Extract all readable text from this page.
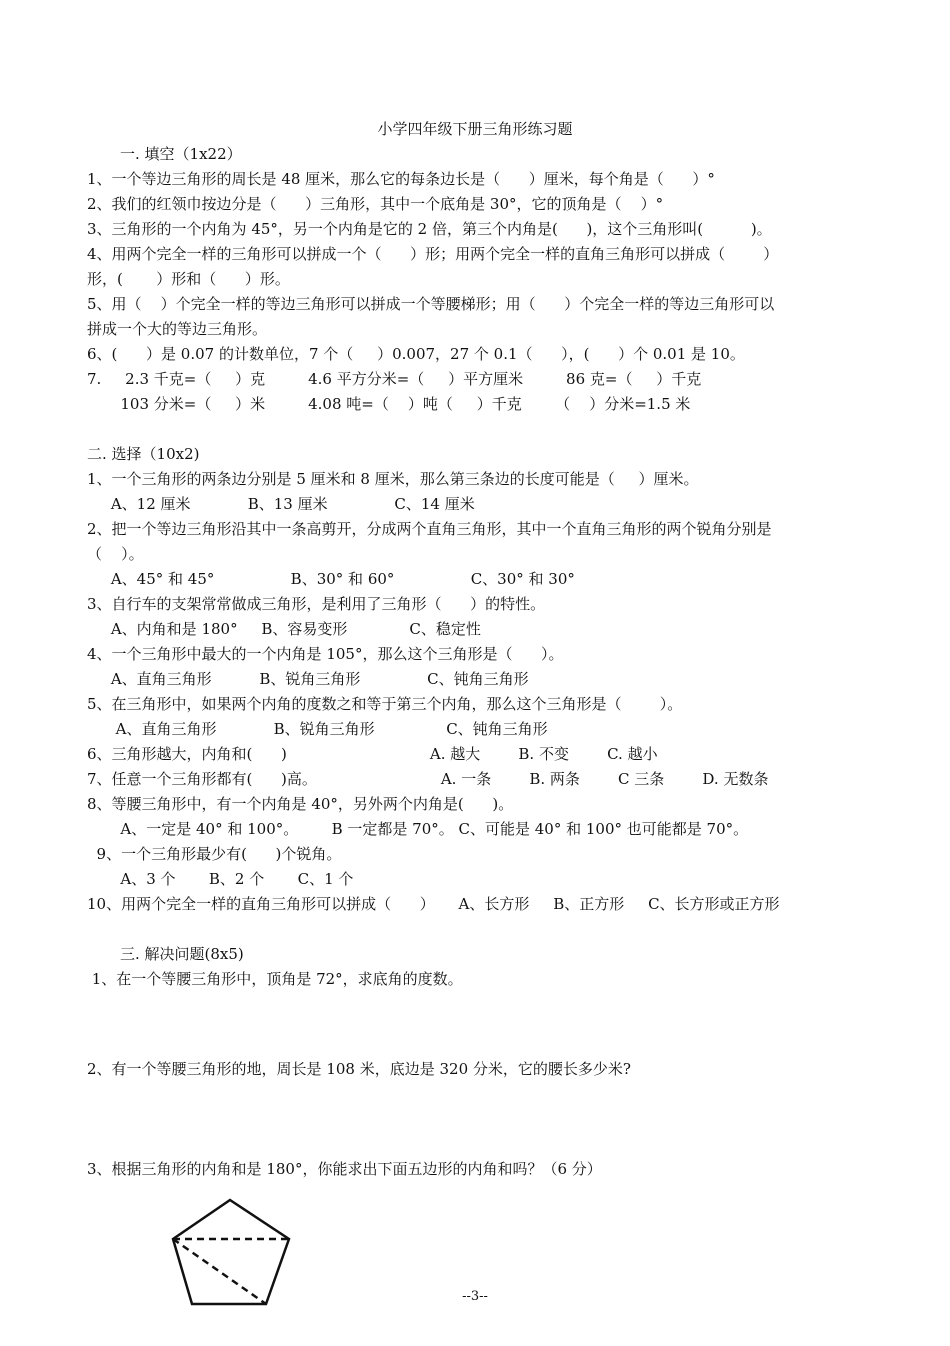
小学四年级下册三角形练习题
一. 填空（1x22）
1、一个等边三角形的周长是 48 厘米，那么它的每条边长是（      ）厘米，每个角是（      ）°
2、我们的红领巾按边分是（      ）三角形，其中一个底角是 30°，它的顶角是（    ）°
3、三角形的一个内角为 45°，另一个内角是它的 2 倍，第三个内角是(      )，这个三角形叫(          )。
4、用两个完全一样的三角形可以拼成一个（      ）形；用两个完全一样的直角三角形可以拼成（        ）
形，(       ）形和（      ）形。
5、用（    ）个完全一样的等边三角形可以拼成一个等腰梯形；用（      ）个完全一样的等边三角形可以
拼成一个大的等边三角形。
6、(      ）是 0.07 的计数单位，7 个（     ）0.007，27 个 0.1（      ），(      ）个 0.01 是 10。
7.     2.3 千克=（     ）克         4.6 平方分米=（     ）平方厘米         86 克=（     ）千克
103 分米=（     ）米         4.08 吨=（    ）吨（     ）千克       （    ）分米=1.5 米
二. 选择（10x2)
1、一个三角形的两条边分别是 5 厘米和 8 厘米，那么第三条边的长度可能是（     ）厘米。
A、12 厘米            B、13 厘米              C、14 厘米
2、把一个等边三角形沿其中一条高剪开，分成两个直角三角形，其中一个直角三角形的两个锐角分别是
（    ）。
A、45° 和 45°                B、30° 和 60°                C、30° 和 30°
3、自行车的支架常常做成三角形，是利用了三角形（      ）的特性。
A、内角和是 180°     B、容易变形             C、稳定性
4、一个三角形中最大的一个内角是 105°，那么这个三角形是（      ）。
A、直角三角形          B、锐角三角形              C、钝角三角形
5、在三角形中，如果两个内角的度数之和等于第三个内角，那么这个三角形是（        ）。
A、直角三角形            B、锐角三角形               C、钝角三角形
6、三角形越大，内角和(      )                              A. 越大        B. 不变        C. 越小
7、任意一个三角形都有(      )高。                          A. 一条        B. 两条        C 三条        D. 无数条
8、等腰三角形中，有一个内角是 40°，另外两个内角是(      )。
A、一定是 40° 和 100°。       B 一定都是 70°。 C、可能是 40° 和 100° 也可能都是 70°。
9、一个三角形最少有(      )个锐角。
A、3 个       B、2 个       C、1 个
10、用两个完全一样的直角三角形可以拼成（      ）     A、长方形     B、正方形     C、长方形或正方形
三. 解决问题(8x5)
1、在一个等腰三角形中，顶角是 72°，求底角的度数。
2、有一个等腰三角形的地，周长是 108 米，底边是 320 分米，它的腰长多少米?
3、根据三角形的内角和是 180°，你能求出下面五边形的内角和吗？（6 分）
--3--
